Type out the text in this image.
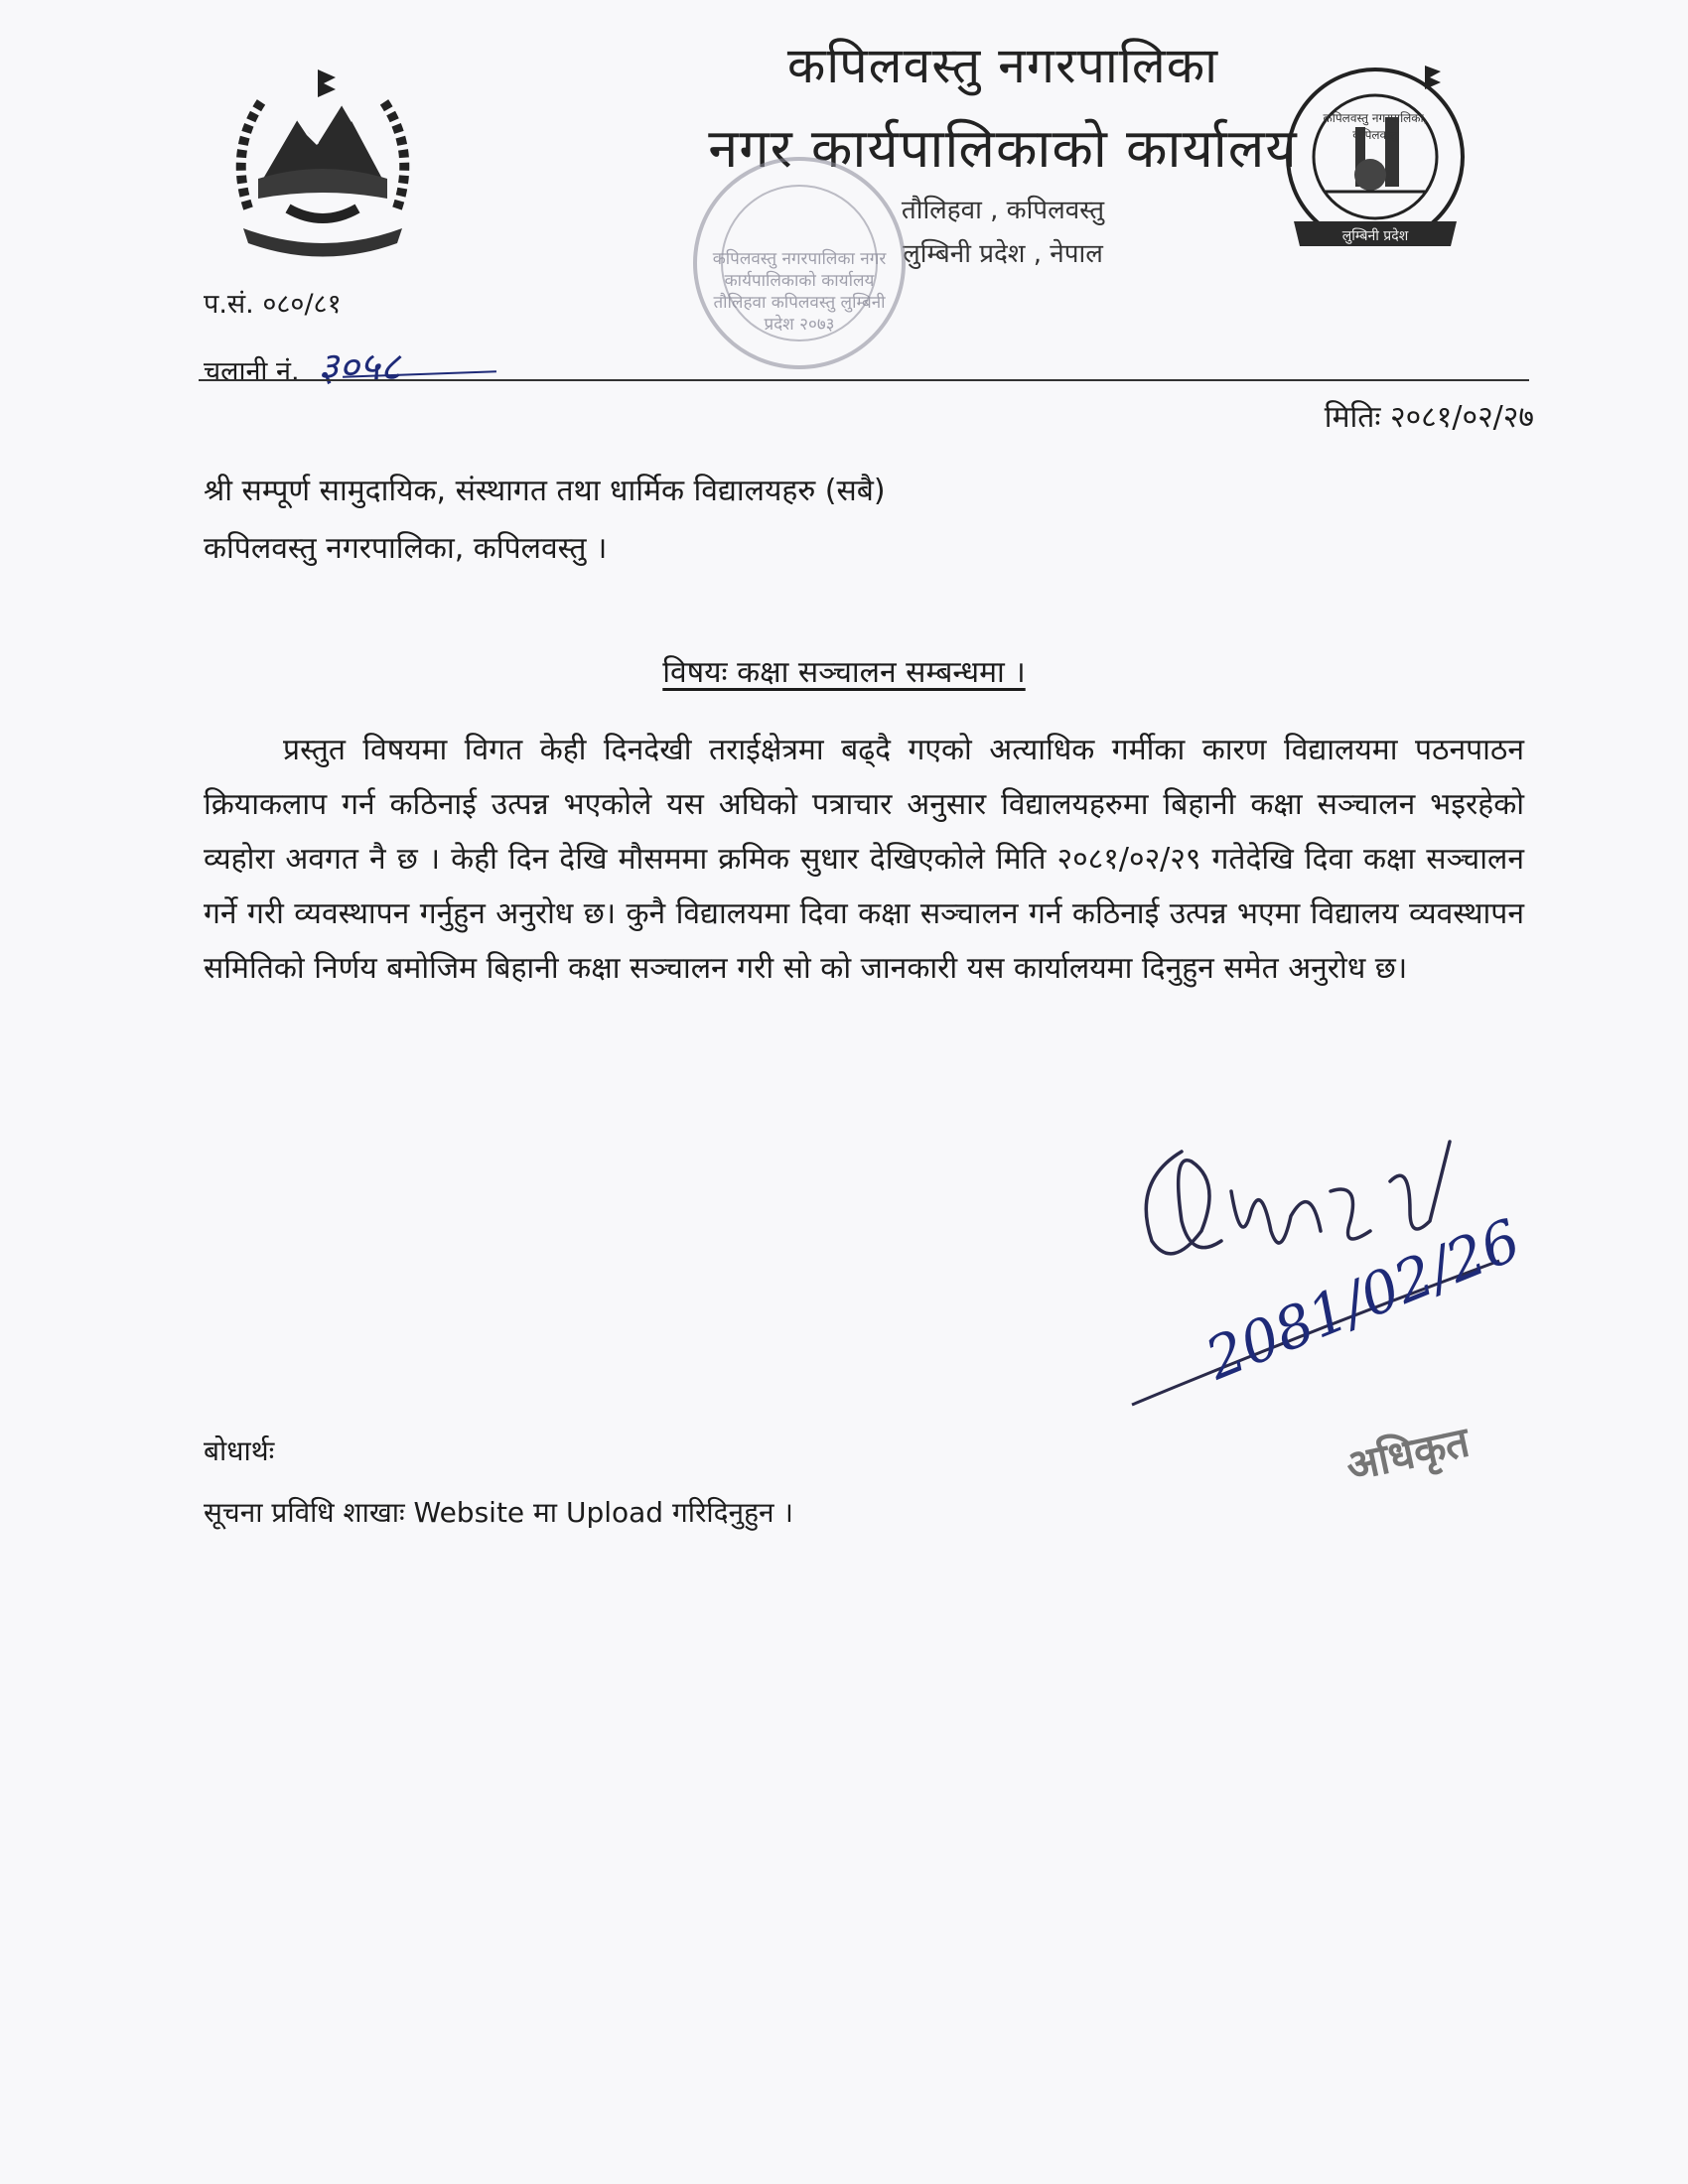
कपिलवस्तु नगरपालिका, कपिलवस्तु
लुम्बिनी प्रदेश
कपिलवस्तु नगरपालिका
नगर कार्यपालिकाको कार्यालय
तौलिहवा , कपिलवस्तु
लुम्बिनी प्रदेश , नेपाल
कपिलवस्तु नगरपालिका नगर कार्यपालिकाको कार्यालय तौलिहवा कपिलवस्तु लुम्बिनी प्रदेश २०७३
प.सं. ०८०/८१
चलानी नं. ३०५८
मितिः २०८१/०२/२७
श्री सम्पूर्ण सामुदायिक, संस्थागत तथा धार्मिक विद्यालयहरु (सबै)
कपिलवस्तु नगरपालिका, कपिलवस्तु ।
विषयः कक्षा सञ्चालन सम्बन्धमा ।
प्रस्तुत विषयमा विगत केही दिनदेखी तराईक्षेत्रमा बढ्दै गएको अत्याधिक गर्मीका कारण विद्यालयमा पठनपाठन क्रियाकलाप गर्न कठिनाई उत्पन्न भएकोले यस अघिको पत्राचार अनुसार विद्यालयहरुमा बिहानी कक्षा सञ्चालन भइरहेको व्यहोरा अवगत नै छ । केही दिन देखि मौसममा क्रमिक सुधार देखिएकोले मिति २०८१/०२/२९ गतेदेखि दिवा कक्षा सञ्चालन गर्ने गरी व्यवस्थापन गर्नुहुन अनुरोध छ। कुनै विद्यालयमा दिवा कक्षा सञ्चालन गर्न कठिनाई उत्पन्न भएमा विद्यालय व्यवस्थापन समितिको निर्णय बमोजिम बिहानी कक्षा सञ्चालन गरी सो को जानकारी यस कार्यालयमा दिनुहुन समेत अनुरोध छ।
2081/02/26
अधिकृत
बोधार्थः
सूचना प्रविधि शाखाः Website मा Upload गरिदिनुहुन ।
